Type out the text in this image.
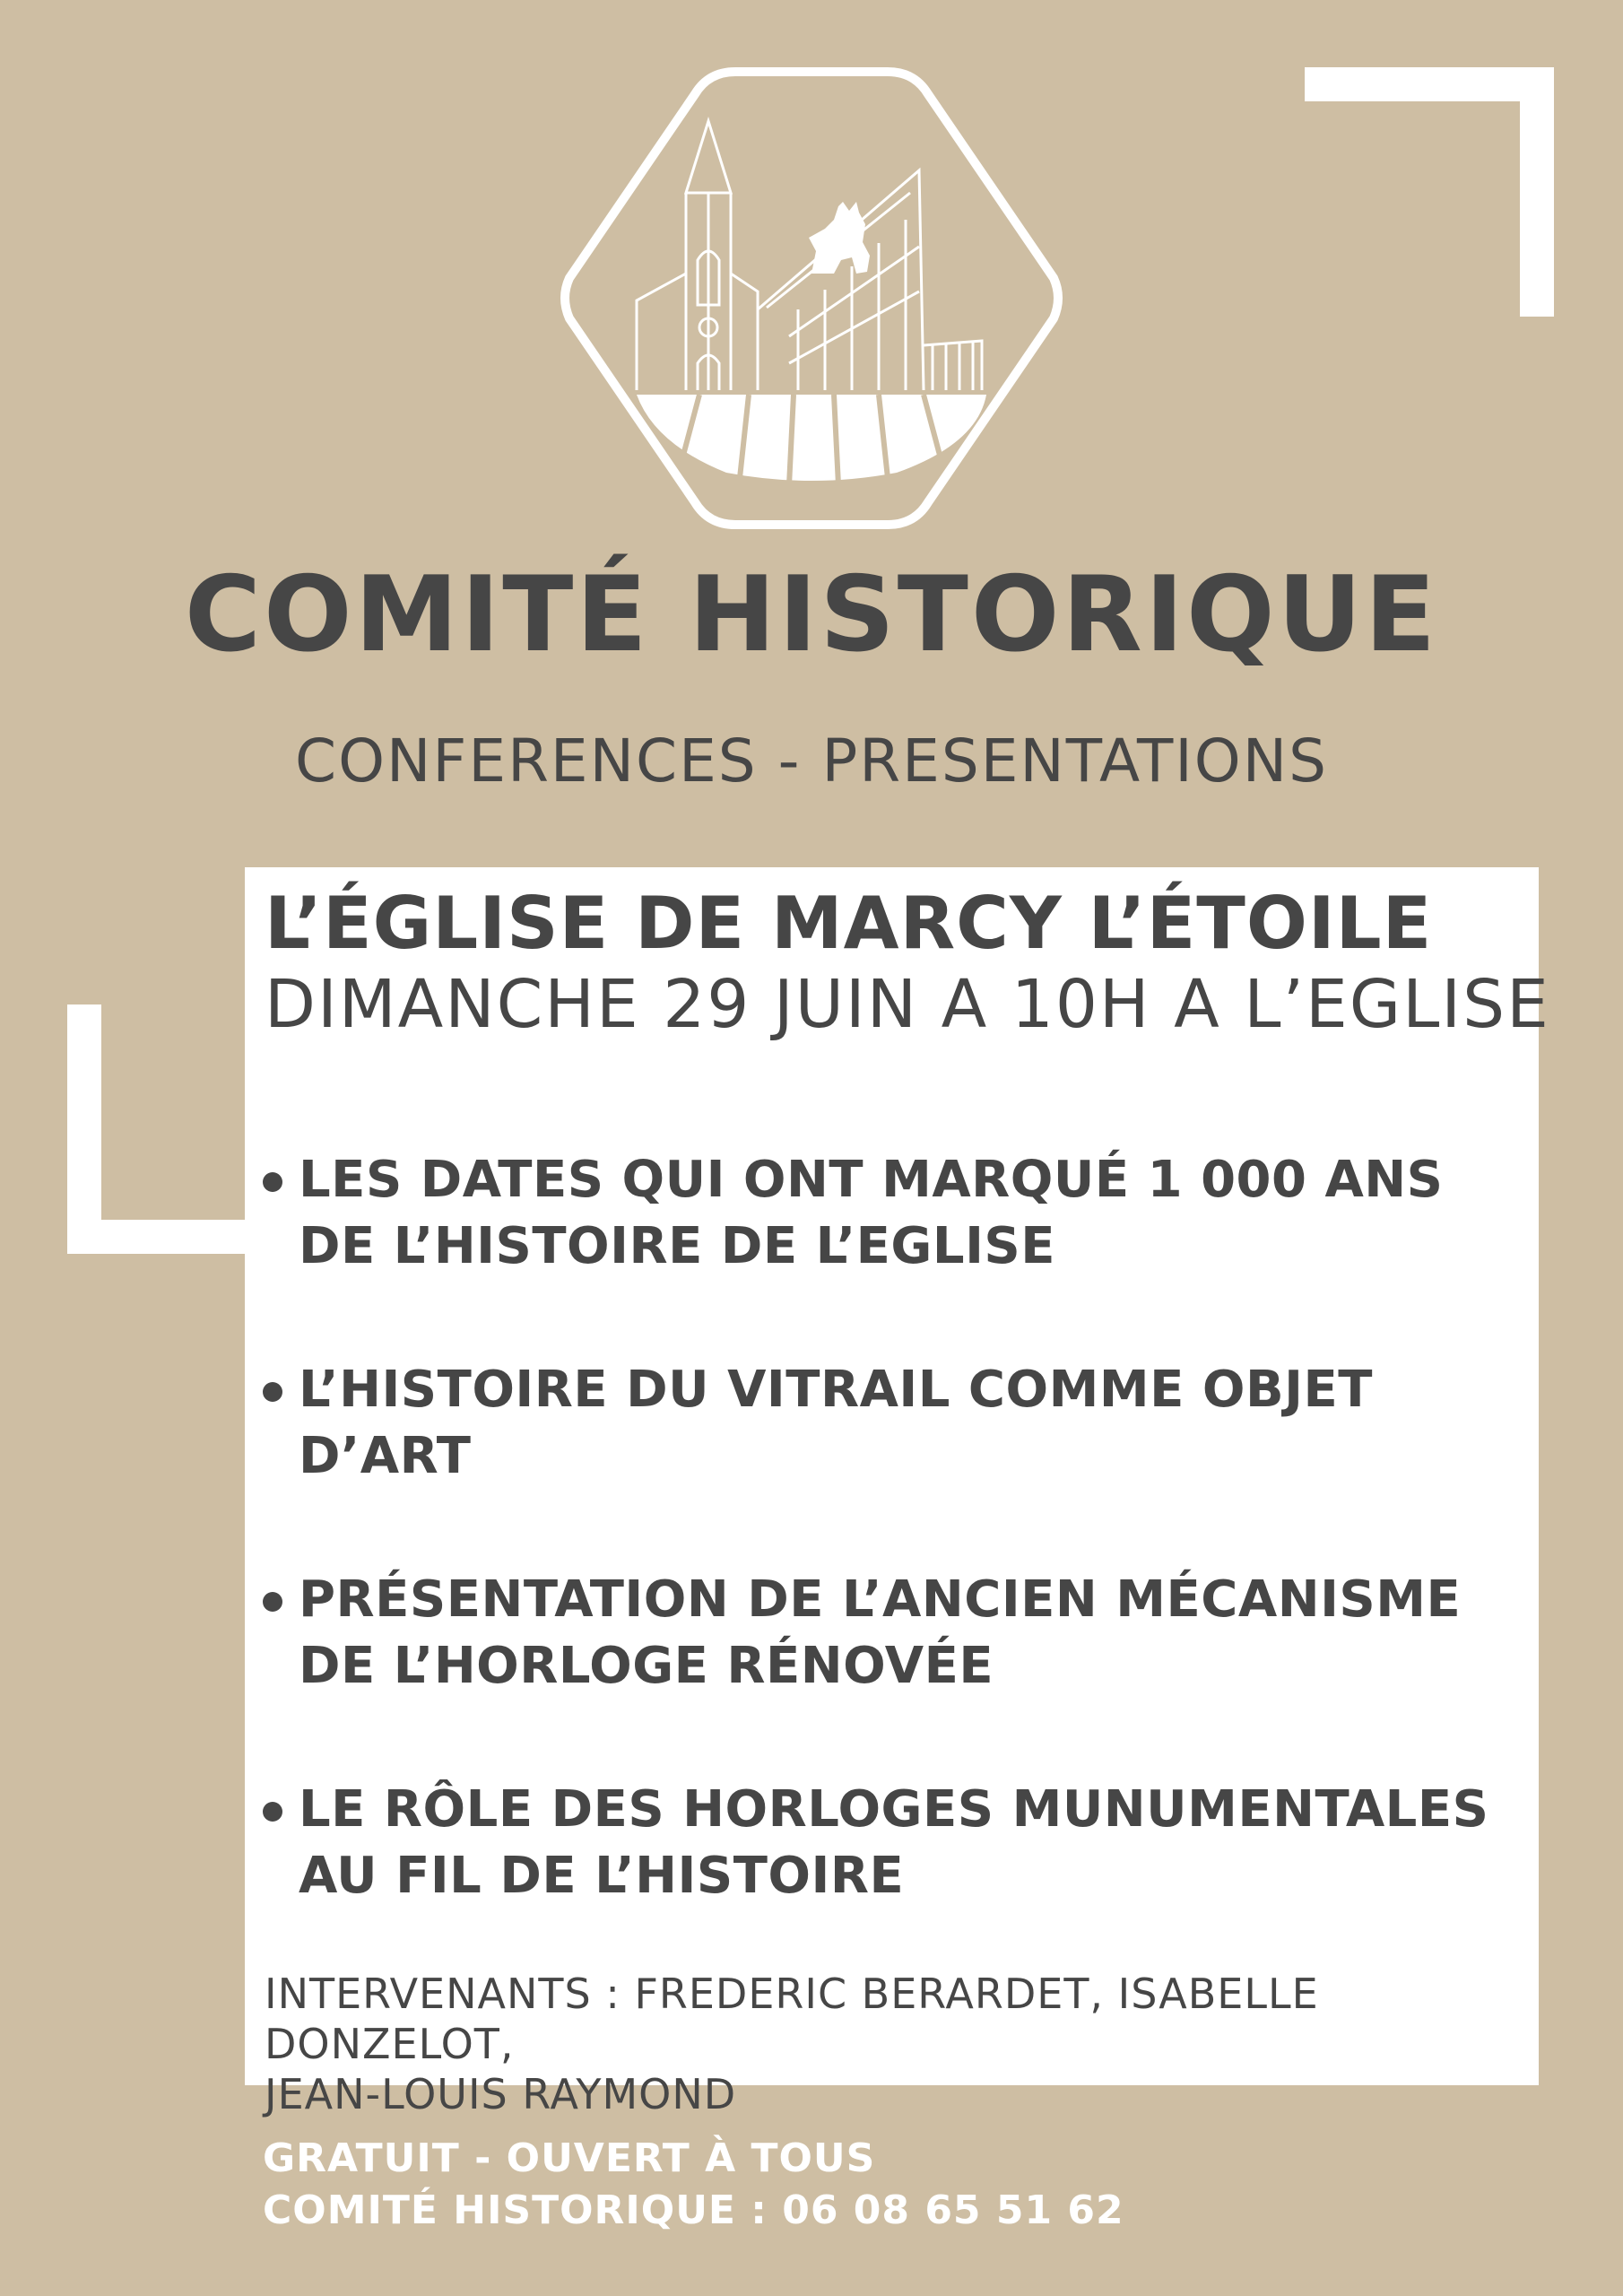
COMITÉ HISTORIQUE
CONFERENCES - PRESENTATIONS
L’ÉGLISE DE MARCY L’ÉTOILE
DIMANCHE 29 JUIN A 10H A L’EGLISE
LES DATES QUI ONT MARQUÉ 1 000 ANS
DE L’HISTOIRE DE L’EGLISE
L’HISTOIRE DU VITRAIL COMME OBJET
D’ART
PRÉSENTATION DE L’ANCIEN MÉCANISME
DE L’HORLOGE RÉNOVÉE
LE RÔLE DES HORLOGES MUNUMENTALES
AU FIL DE L’HISTOIRE
INTERVENANTS : FREDERIC BERARDET, ISABELLE DONZELOT,
JEAN-LOUIS RAYMOND
GRATUIT - OUVERT À TOUS
COMITÉ HISTORIQUE : 06 08 65 51 62
